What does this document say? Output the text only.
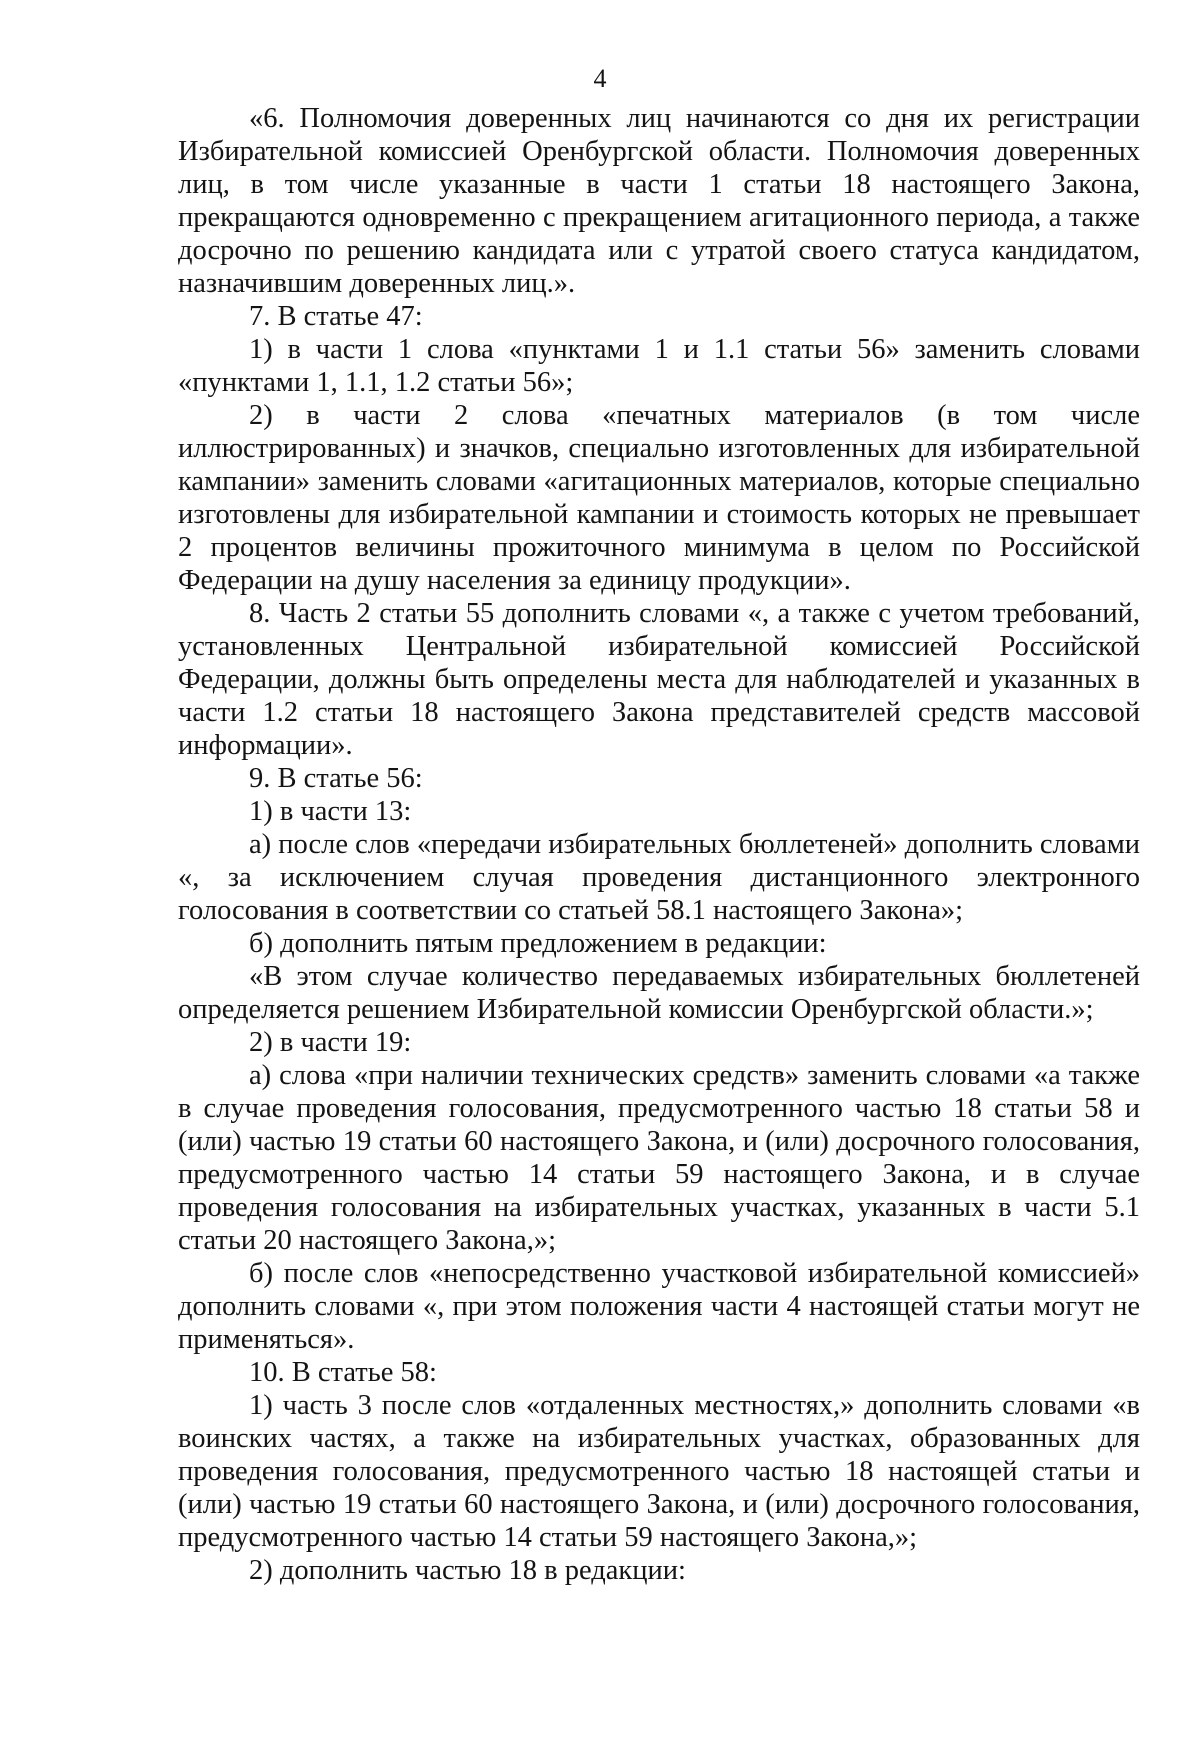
4

«6. Полномочия доверенных лиц начинаются со дня их регистрации Избирательной комиссией Оренбургской области. Полномочия доверенных лиц, в том числе указанные в части 1 статьи 18 настоящего Закона, прекращаются одновременно с прекращением агитационного периода, а также досрочно по решению кандидата или с утратой своего статуса кандидатом, назначившим доверенных лиц.».

7. В статье 47:

1) в части 1 слова «пунктами 1 и 1.1 статьи 56» заменить словами «пунктами 1, 1.1, 1.2 статьи 56»;

2) в части 2 слова «печатных материалов (в том числе иллюстрированных) и значков, специально изготовленных для избирательной кампании» заменить словами «агитационных материалов, которые специально изготовлены для избирательной кампании и стоимость которых не превышает 2 процентов величины прожиточного минимума в целом по Российской Федерации на душу населения за единицу продукции».

8. Часть 2 статьи 55 дополнить словами «, а также с учетом требований, установленных Центральной избирательной комиссией Российской Федерации, должны быть определены места для наблюдателей и указанных в части 1.2 статьи 18 настоящего Закона представителей средств массовой информации».

9. В статье 56:

1) в части 13:

а) после слов «передачи избирательных бюллетеней» дополнить словами «, за исключением случая проведения дистанционного электронного голосования в соответствии со статьей 58.1 настоящего Закона»;

б) дополнить пятым предложением в редакции:

«В этом случае количество передаваемых избирательных бюллетеней определяется решением Избирательной комиссии Оренбургской области.»;

2) в части 19:

а) слова «при наличии технических средств» заменить словами «а также в случае проведения голосования, предусмотренного частью 18 статьи 58 и (или) частью 19 статьи 60 настоящего Закона, и (или) досрочного голосования, предусмотренного частью 14 статьи 59 настоящего Закона, и в случае проведения голосования на избирательных участках, указанных в части 5.1 статьи 20 настоящего Закона,»;

б) после слов «непосредственно участковой избирательной комиссией» дополнить словами «, при этом положения части 4 настоящей статьи могут не применяться».

10. В статье 58:

1) часть 3 после слов «отдаленных местностях,» дополнить словами «в воинских частях, а также на избирательных участках, образованных для проведения голосования, предусмотренного частью 18 настоящей статьи и (или) частью 19 статьи 60 настоящего Закона, и (или) досрочного голосования, предусмотренного частью 14 статьи 59 настоящего Закона,»;

2) дополнить частью 18 в редакции:
